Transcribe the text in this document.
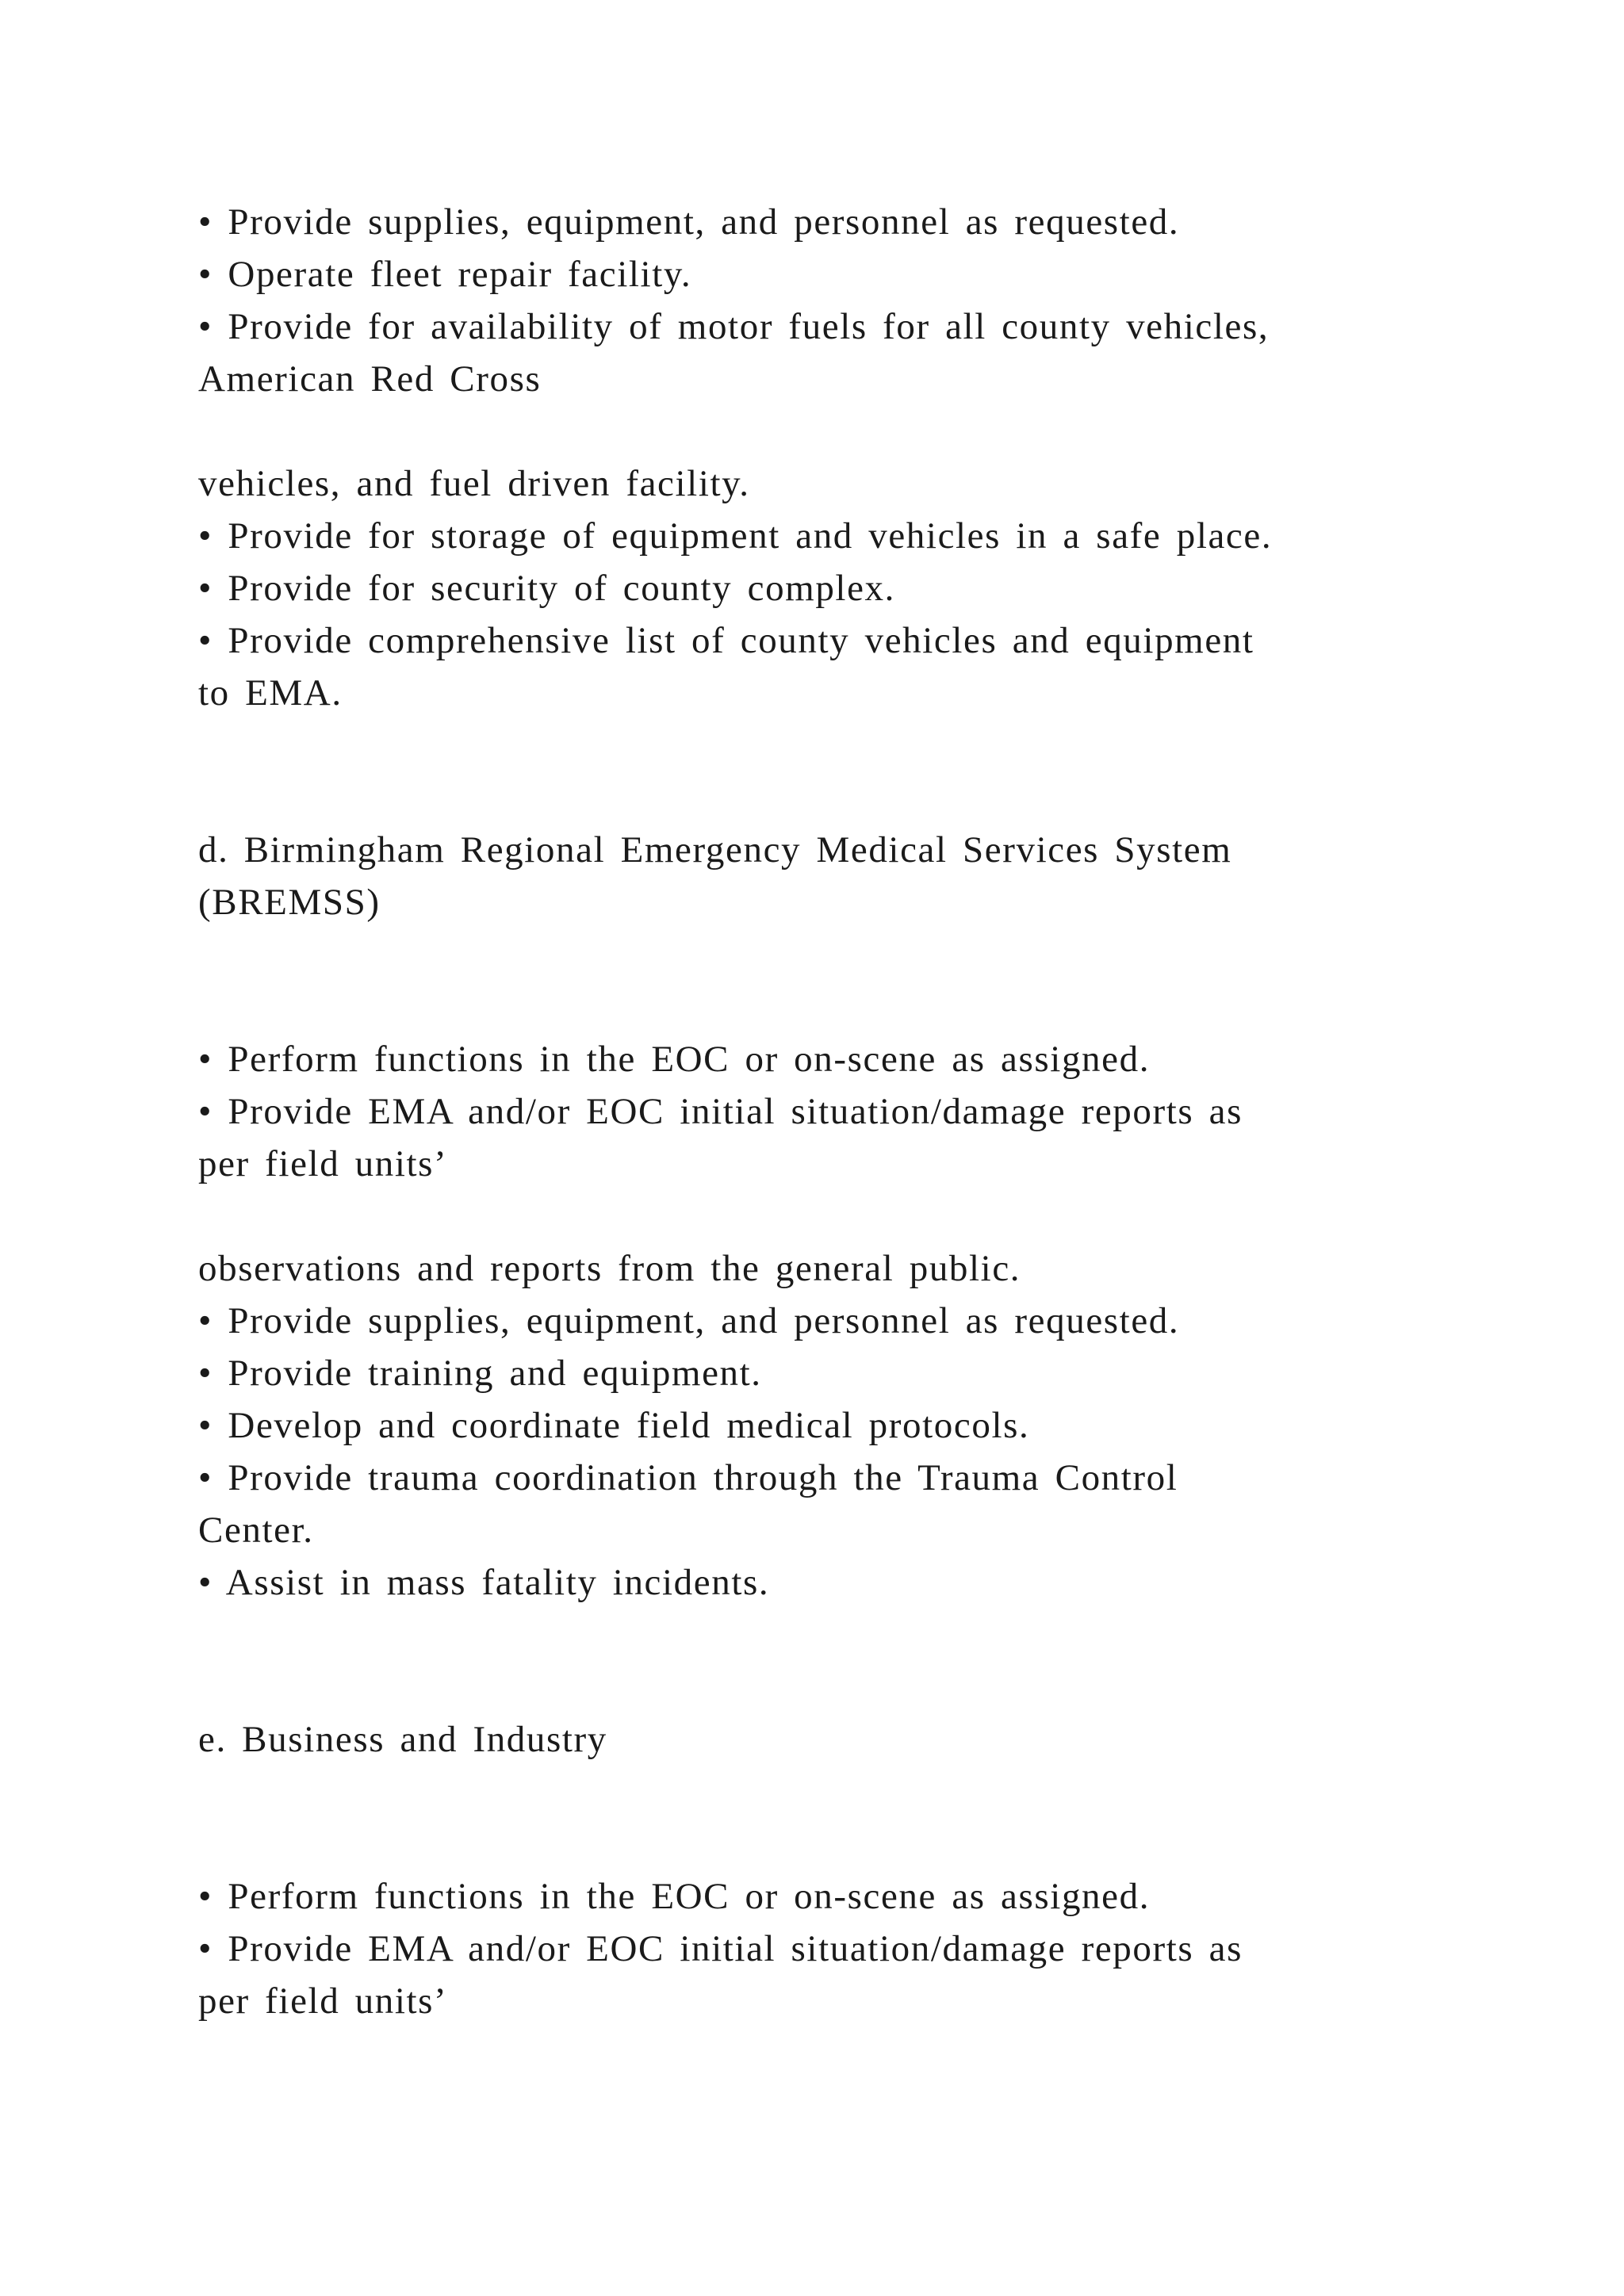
• Provide supplies, equipment, and personnel as requested.
• Operate fleet repair facility.
• Provide for availability of motor fuels for all county vehicles,
American Red Cross
vehicles, and fuel driven facility.
• Provide for storage of equipment and vehicles in a safe place.
• Provide for security of county complex.
• Provide comprehensive list of county vehicles and equipment
to EMA.
d. Birmingham Regional Emergency Medical Services System
(BREMSS)
• Perform functions in the EOC or on-scene as assigned.
• Provide EMA and/or EOC initial situation/damage reports as
per field units’
observations and reports from the general public.
• Provide supplies, equipment, and personnel as requested.
• Provide training and equipment.
• Develop and coordinate field medical protocols.
• Provide trauma coordination through the Trauma Control
Center.
• Assist in mass fatality incidents.
e. Business and Industry
• Perform functions in the EOC or on-scene as assigned.
• Provide EMA and/or EOC initial situation/damage reports as
per field units’
